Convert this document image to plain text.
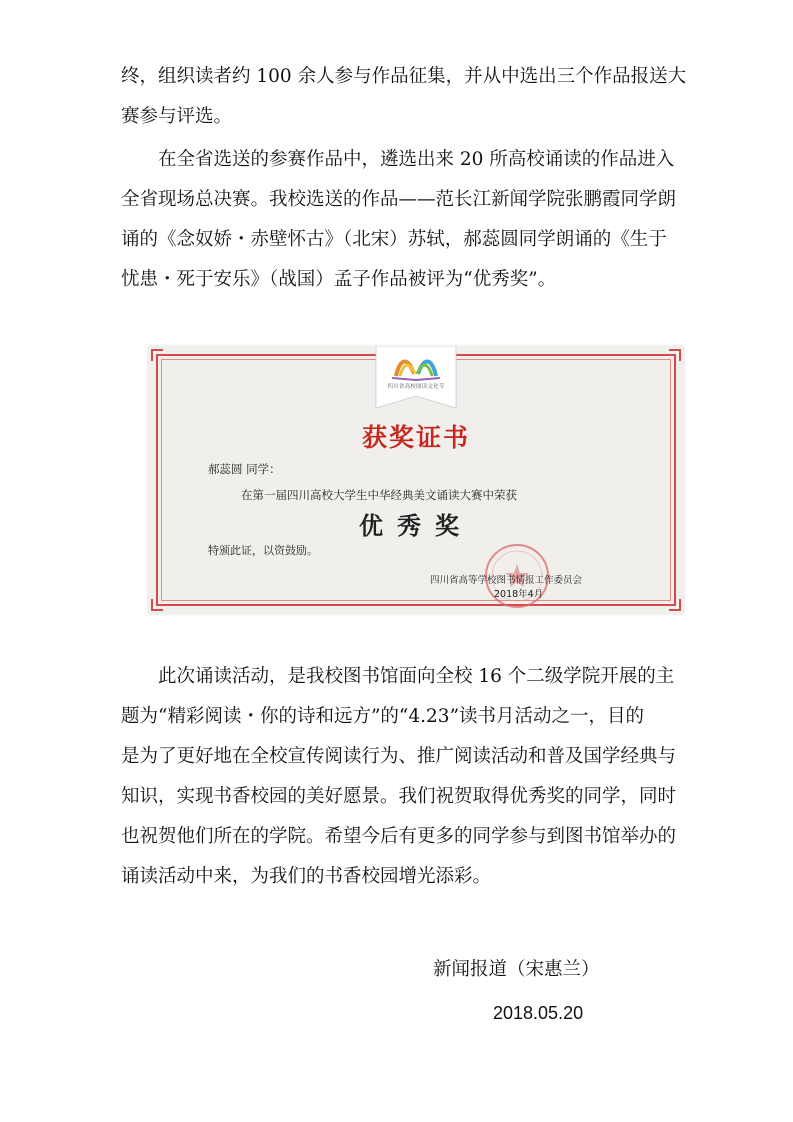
终，组织读者约 100 余人参与作品征集，并从中选出三个作品报送大
赛参与评选。
在全省选送的参赛作品中，遴选出来 20 所高校诵读的作品进入
全省现场总决赛。我校选送的作品——范长江新闻学院张鹏霞同学朗
诵的《念奴娇・赤壁怀古》（北宋）苏轼，郝蕊圆同学朗诵的《生于
忧患・死于安乐》（战国）孟子作品被评为“优秀奖”。
四川省高校阅读文化节
获奖证书
郝蕊圆 同学：
在第一届四川高校大学生中华经典美文诵读大赛中荣获
优秀奖
特颁此证，以资鼓励。
四川省高等学校图书情报工作委员会
2018年4月
此次诵读活动，是我校图书馆面向全校 16 个二级学院开展的主
题为“精彩阅读・你的诗和远方”的“4.23”读书月活动之一，目的
是为了更好地在全校宣传阅读行为、推广阅读活动和普及国学经典与
知识，实现书香校园的美好愿景。我们祝贺取得优秀奖的同学，同时
也祝贺他们所在的学院。希望今后有更多的同学参与到图书馆举办的
诵读活动中来，为我们的书香校园增光添彩。
新闻报道（宋惠兰）
2018.05.20
